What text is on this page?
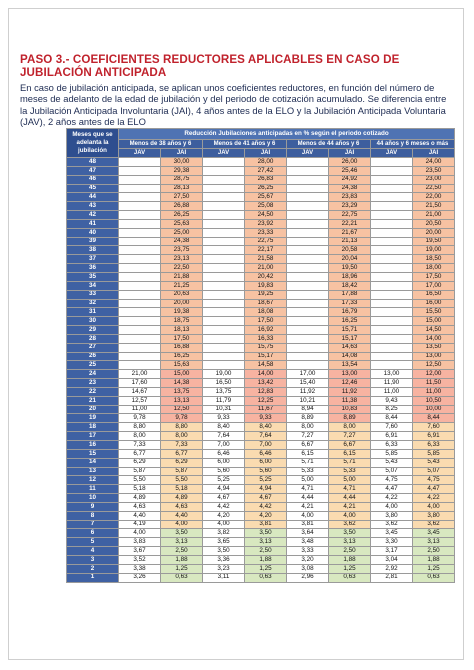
PASO 3.- COEFICIENTES REDUCTORES APLICABLES EN CASO DE JUBILACIÓN ANTICIPADA
En caso de jubilación anticipada, se aplican unos coeficientes reductores, en función del número de meses de adelanto de la edad de jubilación y del periodo de cotización acumulado. Se diferencia entre la Jubilación Anticipada Involuntaria (JAI), 4 años antes de la ELO y la Jubilación Anticipada Voluntaria (JAV), 2 años antes de la ELO
Meses que se adelanta la jubilación	Reducción Jubilaciones anticipadas en % según el periodo cotizado							
	Menos de 38 años y 6		Menos de 41 años y 6		Menos de 44 años y 6		44 años y 6 meses o más	
	JAV	JAI	JAV	JAI	JAV	JAI	JAV	JAI
48		30,00		28,00		26,00		24,00
47		29,38		27,42		25,46		23,50
46		28,75		26,83		24,92		23,00
45		28,13		26,25		24,38		22,50
44		27,50		25,67		23,83		22,00
43		26,88		25,08		23,29		21,50
42		26,25		24,50		22,75		21,00
41		25,63		23,92		22,21		20,50
40		25,00		23,33		21,67		20,00
39		24,38		22,75		21,13		19,50
38		23,75		22,17		20,58		19,00
37		23,13		21,58		20,04		18,50
36		22,50		21,00		19,50		18,00
35		21,88		20,42		18,96		17,50
34		21,25		19,83		18,42		17,00
33		20,63		19,25		17,88		16,50
32		20,00		18,67		17,33		16,00
31		19,38		18,08		16,79		15,50
30		18,75		17,50		16,25		15,00
29		18,13		16,92		15,71		14,50
28		17,50		16,33		15,17		14,00
27		16,88		15,75		14,63		13,50
26		16,25		15,17		14,08		13,00
25		15,63		14,58		13,54		12,50
24	21,00	15,00	19,00	14,00	17,00	13,00	13,00	12,00
23	17,60	14,38	16,50	13,42	15,40	12,46	11,90	11,50
22	14,67	13,75	13,75	12,83	11,92	11,92	11,00	11,00
21	12,57	13,13	11,79	12,25	10,21	11,38	9,43	10,50
20	11,00	12,50	10,31	11,67	8,94	10,83	8,25	10,00
19	9,78	9,78	9,33	9,33	8,89	8,89	8,44	8,44
18	8,80	8,80	8,40	8,40	8,00	8,00	7,60	7,60
17	8,00	8,00	7,64	7,64	7,27	7,27	6,91	6,91
16	7,33	7,33	7,00	7,00	6,67	6,67	6,33	6,33
15	6,77	6,77	6,46	6,46	6,15	6,15	5,85	5,85
14	6,29	6,29	6,00	6,00	5,71	5,71	5,43	5,43
13	5,87	5,87	5,60	5,60	5,33	5,33	5,07	5,07
12	5,50	5,50	5,25	5,25	5,00	5,00	4,75	4,75
11	5,18	5,18	4,94	4,94	4,71	4,71	4,47	4,47
10	4,89	4,89	4,67	4,67	4,44	4,44	4,22	4,22
9	4,63	4,63	4,42	4,42	4,21	4,21	4,00	4,00
8	4,40	4,40	4,20	4,20	4,00	4,00	3,80	3,80
7	4,19	4,00	4,00	3,81	3,81	3,62	3,62	3,62
6	4,00	3,50	3,82	3,50	3,64	3,50	3,45	3,45
5	3,83	3,13	3,65	3,13	3,48	3,13	3,30	3,13
4	3,67	2,50	3,50	2,50	3,33	2,50	3,17	2,50
3	3,52	1,88	3,36	1,88	3,20	1,88	3,04	1,88
2	3,38	1,25	3,23	1,25	3,08	1,25	2,92	1,25
1	3,26	0,63	3,11	0,63	2,96	0,63	2,81	0,63
